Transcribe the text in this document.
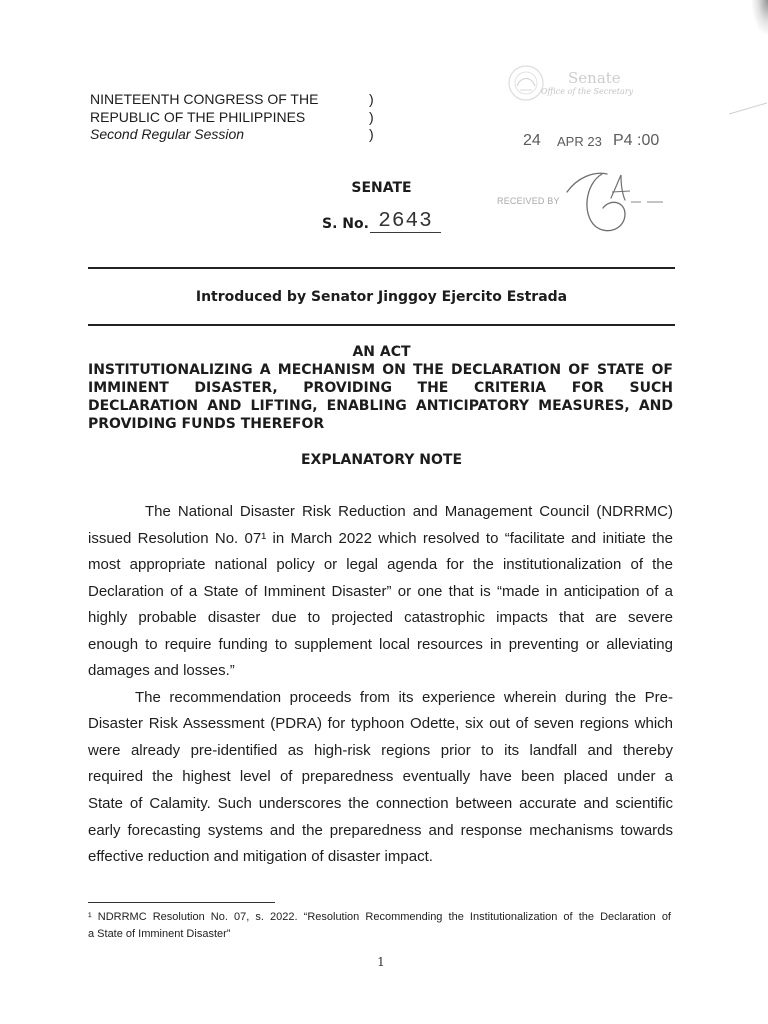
NINETEENTH CONGRESS OF THE
REPUBLIC OF THE PHILIPPINES
Second Regular Session
)
)
)
Senate
Office of the Secretary
24 APR 23 P4 :00
RECEIVED BY
SENATE
S. No. 2643
Introduced by Senator Jinggoy Ejercito Estrada
AN ACT
INSTITUTIONALIZING A MECHANISM ON THE DECLARATION OF STATE OF
IMMINENT DISASTER, PROVIDING THE CRITERIA FOR SUCH
DECLARATION AND LIFTING, ENABLING ANTICIPATORY MEASURES, AND
PROVIDING FUNDS THEREFOR
EXPLANATORY NOTE
The National Disaster Risk Reduction and Management Council (NDRRMC)
issued Resolution No. 07¹ in March 2022 which resolved to “facilitate and initiate the
most appropriate national policy or legal agenda for the institutionalization of the
Declaration of a State of Imminent Disaster” or one that is “made in anticipation of a
highly probable disaster due to projected catastrophic impacts that are severe
enough to require funding to supplement local resources in preventing or alleviating
damages and losses.”
The recommendation proceeds from its experience wherein during the Pre-
Disaster Risk Assessment (PDRA) for typhoon Odette, six out of seven regions which
were already pre-identified as high-risk regions prior to its landfall and thereby
required the highest level of preparedness eventually have been placed under a
State of Calamity. Such underscores the connection between accurate and scientific
early forecasting systems and the preparedness and response mechanisms towards
effective reduction and mitigation of disaster impact.
¹ NDRRMC Resolution No. 07, s. 2022. “Resolution Recommending the Institutionalization of the Declaration of
a State of Imminent Disaster”
1
